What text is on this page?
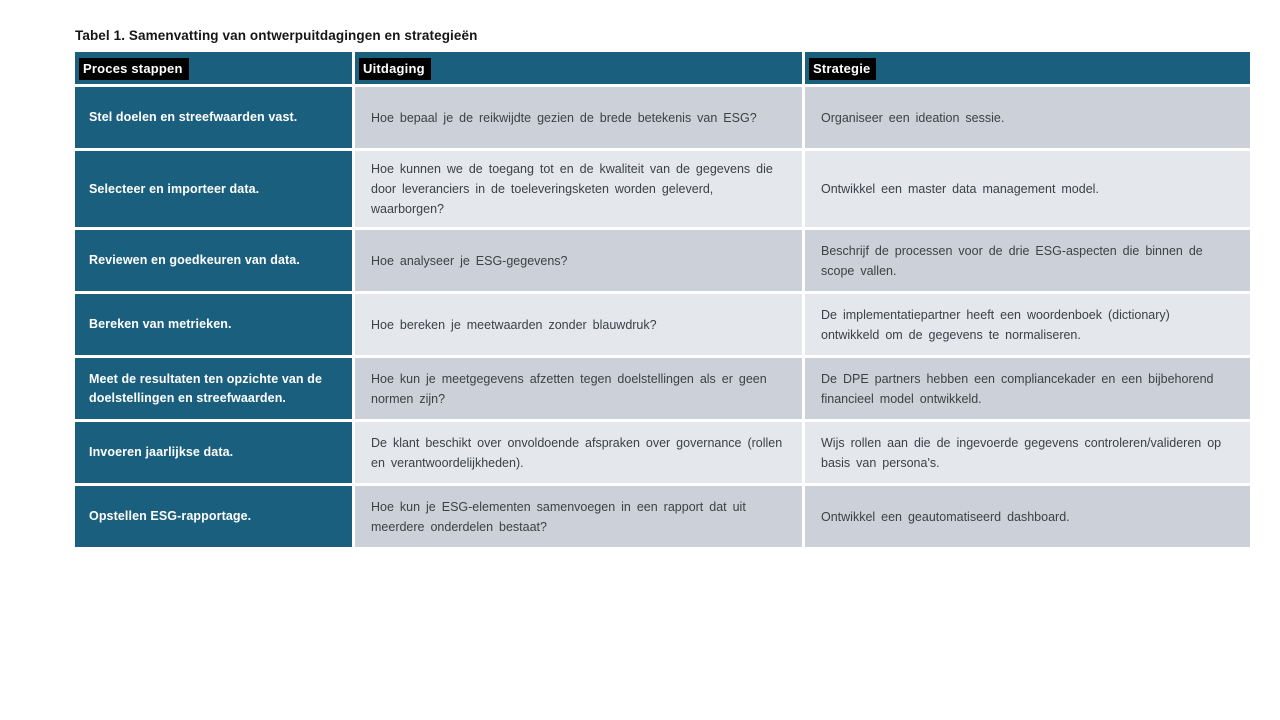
Tabel 1. Samenvatting van ontwerpuitdagingen en strategieën

Proces stappen	Uitdaging	Strategie
Stel doelen en streefwaarden vast.	Hoe bepaal je de reikwijdte gezien de brede betekenis van ESG?	Organiseer een ideation sessie.
Selecteer en importeer data.	Hoe kunnen we de toegang tot en de kwaliteit van de gegevens die door leveranciers in de toeleveringsketen worden geleverd, waarborgen?	Ontwikkel een master data management model.
Reviewen en goedkeuren van data.	Hoe analyseer je ESG-gegevens?	Beschrijf de processen voor de drie ESG-aspecten die binnen de scope vallen.
Bereken van metrieken.	Hoe bereken je meetwaarden zonder blauwdruk?	De implementatiepartner heeft een woordenboek (dictionary) ontwikkeld om de gegevens te normaliseren.
Meet de resultaten ten opzichte van de doelstellingen en streefwaarden.	Hoe kun je meetgegevens afzetten tegen doelstellingen als er geen normen zijn?	De DPE partners hebben een compliancekader en een bijbehorend financieel model ontwikkeld.
Invoeren jaarlijkse data.	De klant beschikt over onvoldoende afspraken over governance (rollen en verantwoordelijkheden).	Wijs rollen aan die de ingevoerde gegevens controleren/valideren op basis van persona's.
Opstellen ESG-rapportage.	Hoe kun je ESG-elementen samenvoegen in een rapport dat uit meerdere onderdelen bestaat?	Ontwikkel een geautomatiseerd dashboard.
